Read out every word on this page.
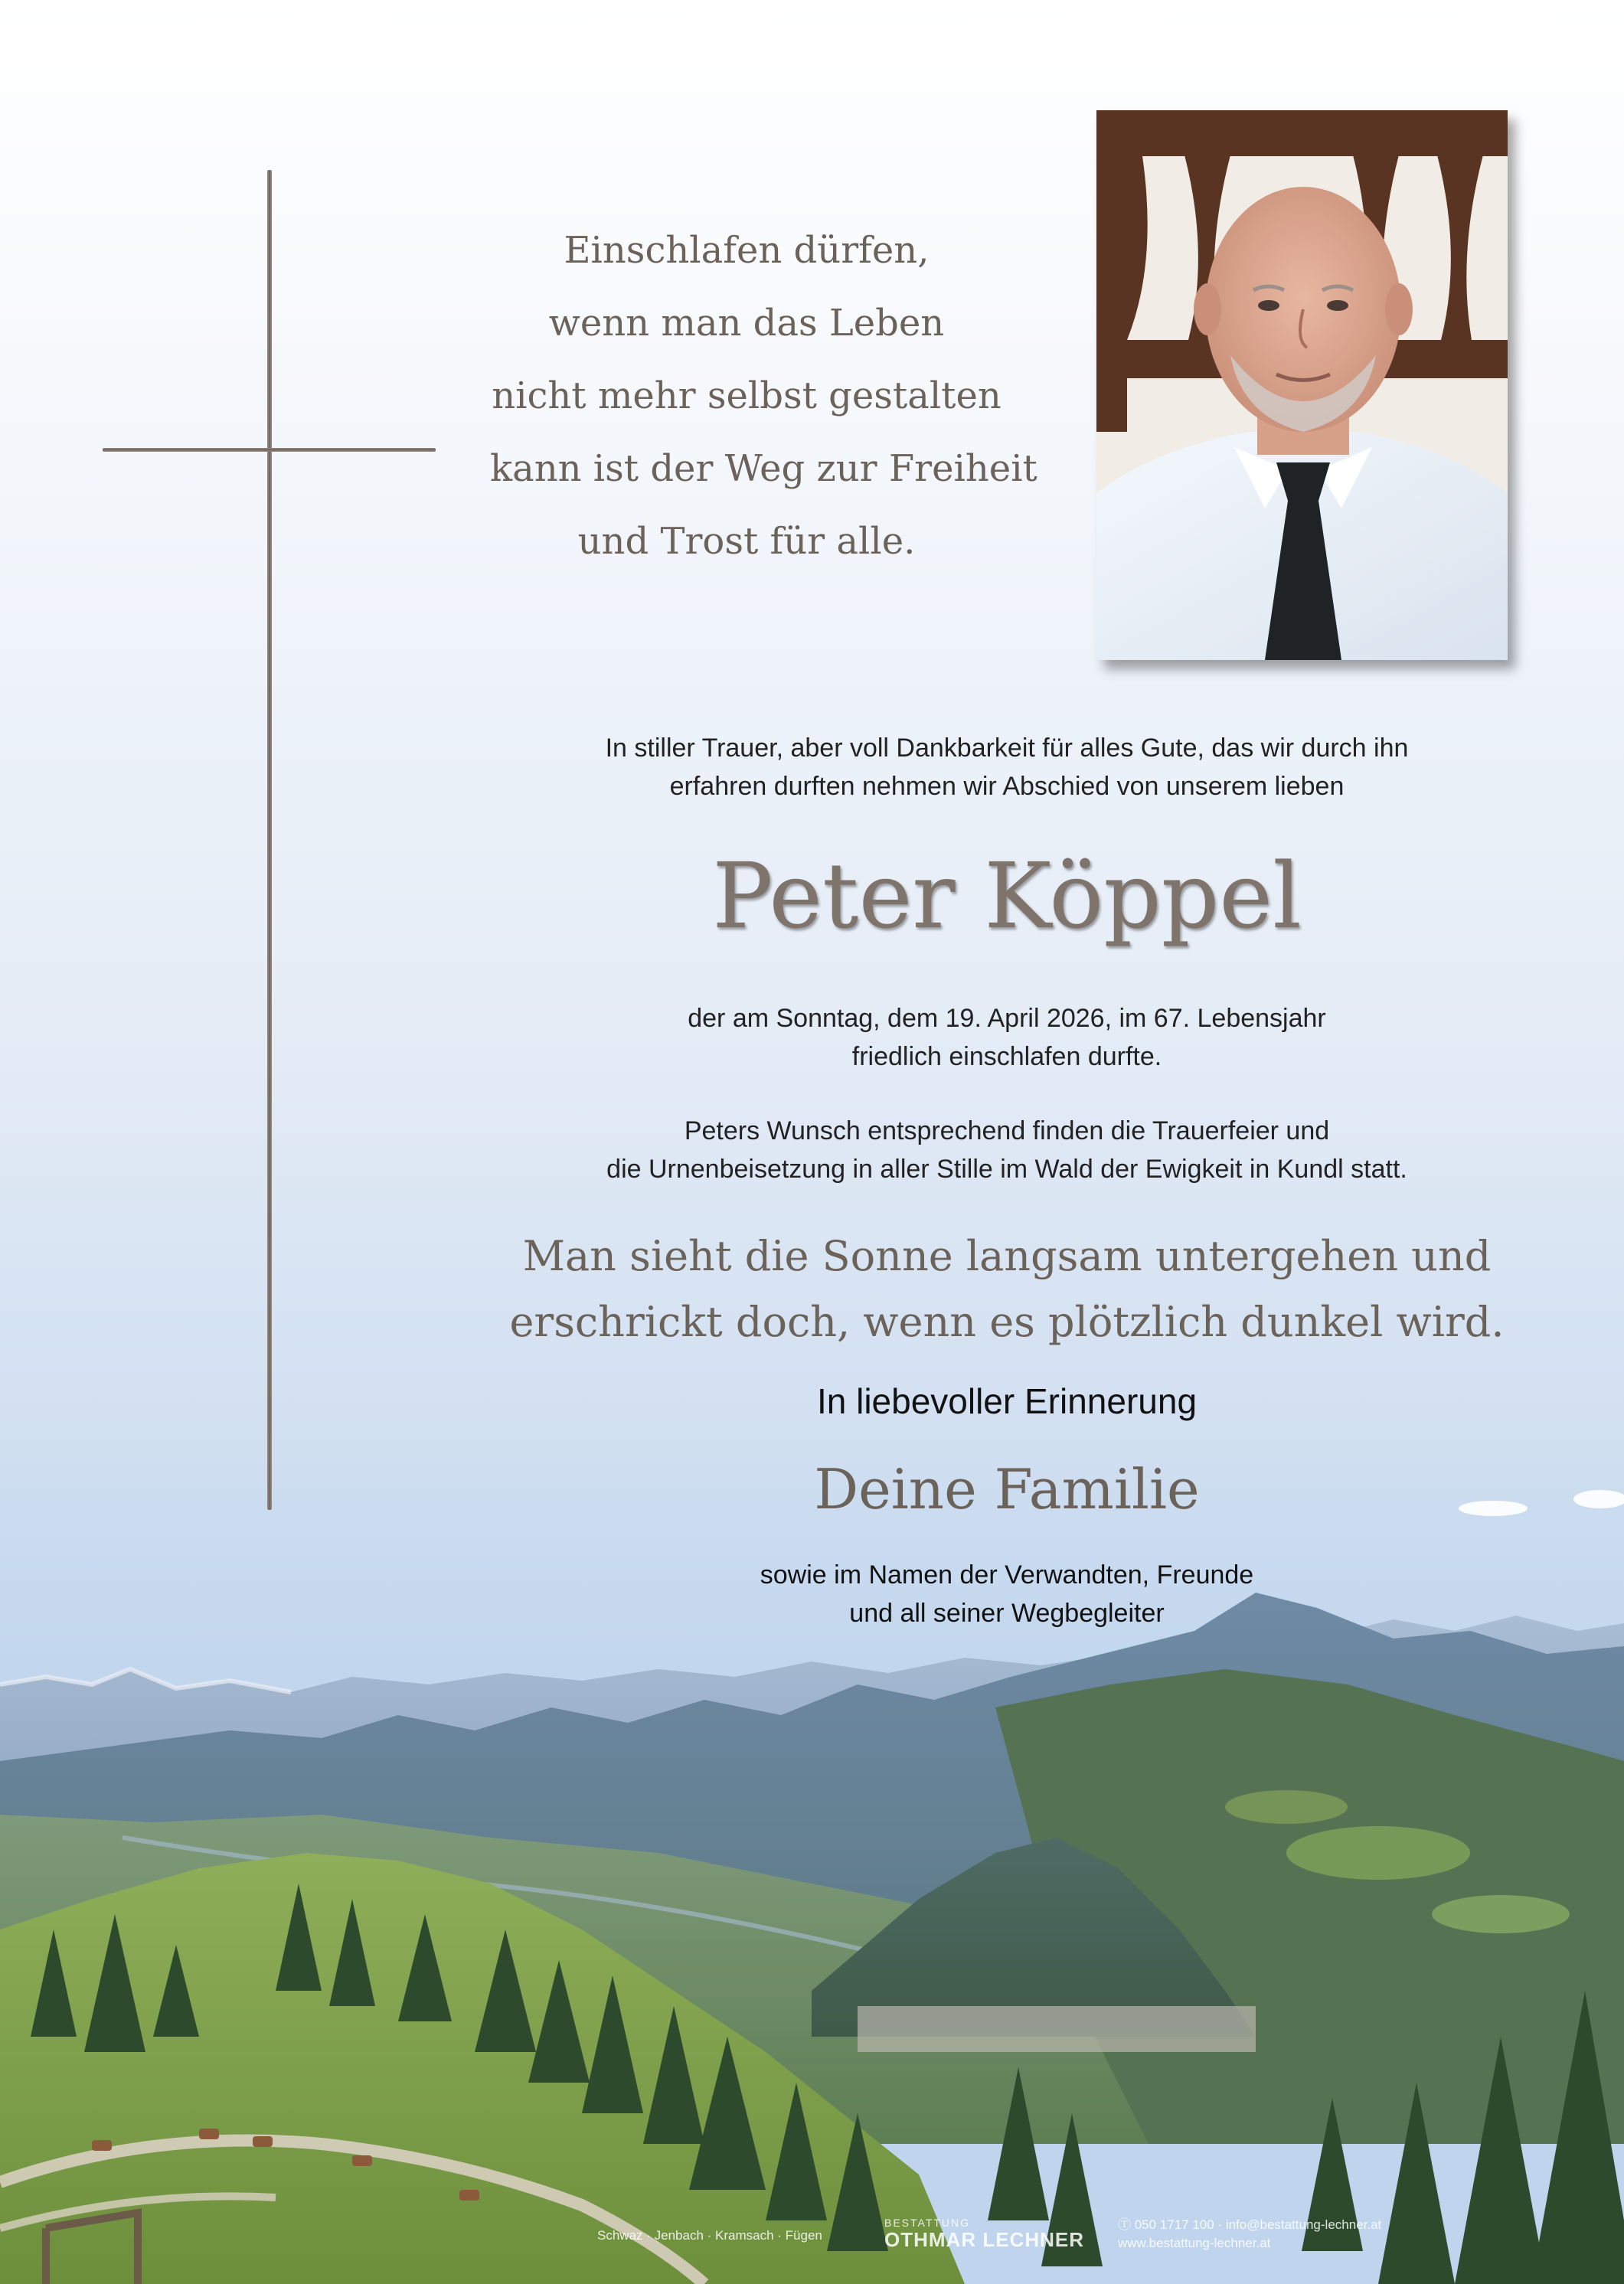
Einschlafen dürfen,
wenn man das Leben
nicht mehr selbst gestalten
kann ist der Weg zur Freiheit
und Trost für alle.
In stiller Trauer, aber voll Dankbarkeit für alles Gute, das wir durch ihn
erfahren durften nehmen wir Abschied von unserem lieben
Peter Köppel
der am Sonntag, dem 19. April 2026, im 67. Lebensjahr
friedlich einschlafen durfte.
Peters Wunsch entsprechend finden die Trauerfeier und
die Urnenbeisetzung in aller Stille im Wald der Ewigkeit in Kundl statt.
Man sieht die Sonne langsam untergehen und
erschrickt doch, wenn es plötzlich dunkel wird.
In liebevoller Erinnerung
Deine Familie
sowie im Namen der Verwandten, Freunde
und all seiner Wegbegleiter
Schwaz · Jenbach · Kramsach · Fügen
BESTATTUNG
OTHMAR LECHNER
Ⓣ 050 1717 100 · info@bestattung-lechner.at
www.bestattung-lechner.at
